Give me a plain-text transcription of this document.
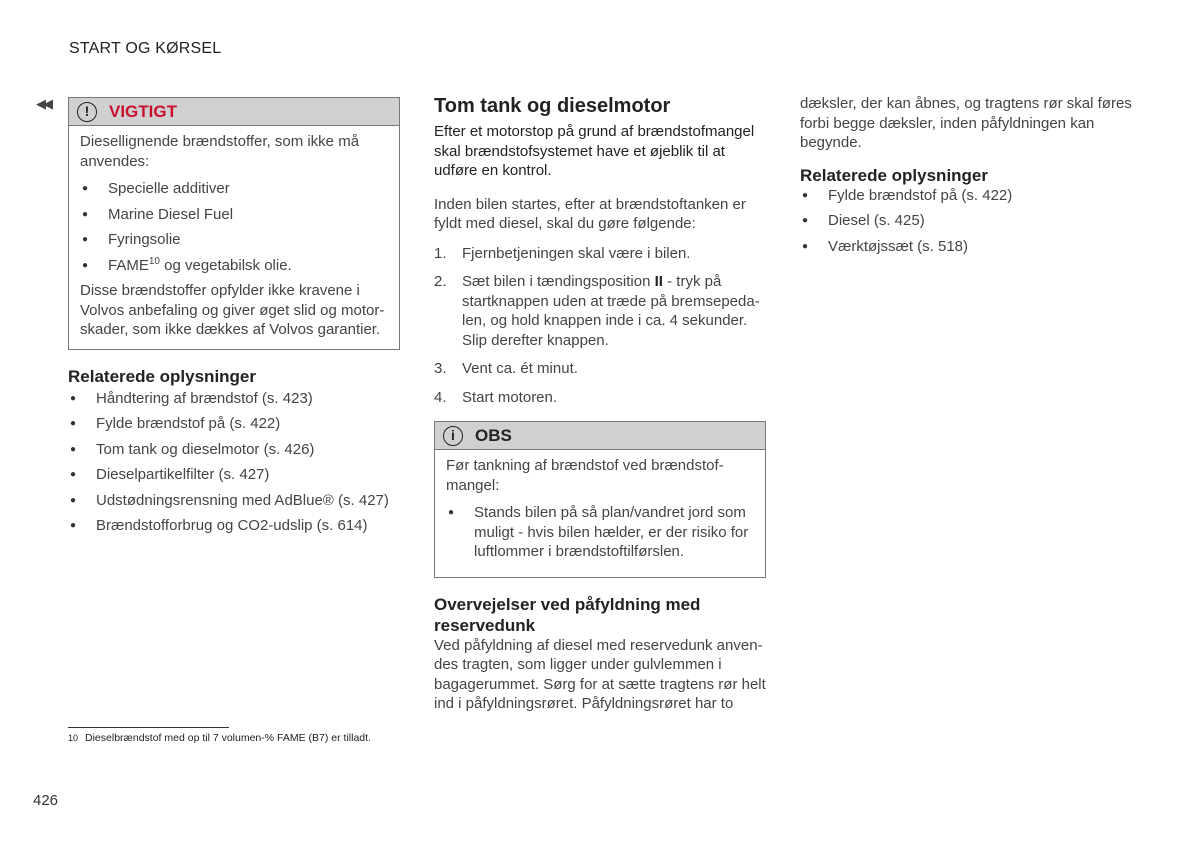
START OG KØRSEL
◀◀	!	VIGTIGT

Diesellignende brændstoffer, som ikke må anvendes:

● Specielle additiver
● Marine Diesel Fuel
● Fyringsolie
● FAME$^{10}$ og vegetabilsk olie.

Disse brændstoffer opfylder ikke kravene i Volvos anbefaling og giver øget slid og motorskader, som ikke dækkes af Volvos garantier.

Relaterede oplysninger
● Håndtering af brændstof (s. 423)
● Fylde brændstof på (s. 422)
● Tom tank og dieselmotor (s. 426)
● Dieselpartikelfilter (s. 427)
● Udstødningsrensning med AdBlue® (s. 427)
● Brændstofforbrug og CO2-udslip (s. 614)
Tom tank og dieselmotor

Efter et motorstop på grund af brændstofmangel skal brændstofsystemet have et øjeblik til at udføre en kontrol.

Inden bilen startes, efter at brændstoftanken er fyldt med diesel, skal du gøre følgende:

1. Fjernbetjeningen skal være i bilen.
2. Sæt bilen i tændingsposition II - tryk på startknappen uden at træde på bremsepedalen, og hold knappen inde i ca. 4 sekunder. Slip derefter knappen.
3. Vent ca. ét minut.
4. Start motoren.
i	OBS

Før tankning af brændstof ved brændstofmangel:

● Stands bilen på så plan/vandret jord som muligt - hvis bilen hælder, er der risiko for luftlommer i brændstoftilførslen.
Overvejelser ved påfyldning med reservedunk

Ved påfyldning af diesel med reservedunk anvendes tragten, som ligger under gulvlemmen i bagagerummet. Sørg for at sætte tragtens rør helt ind i påfyldningsrøret. Påfyldningsrøret har to

dæksler, der kan åbnes, og tragtens rør skal føres forbi begge dæksler, inden påfyldningen kan begynde.

Relaterede oplysninger
● Fylde brændstof på (s. 422)
● Diesel (s. 425)
● Værktøjssæt (s. 518)
10 Dieselbrændstof med op til 7 volumen-% FAME (B7) er tilladt.
426
